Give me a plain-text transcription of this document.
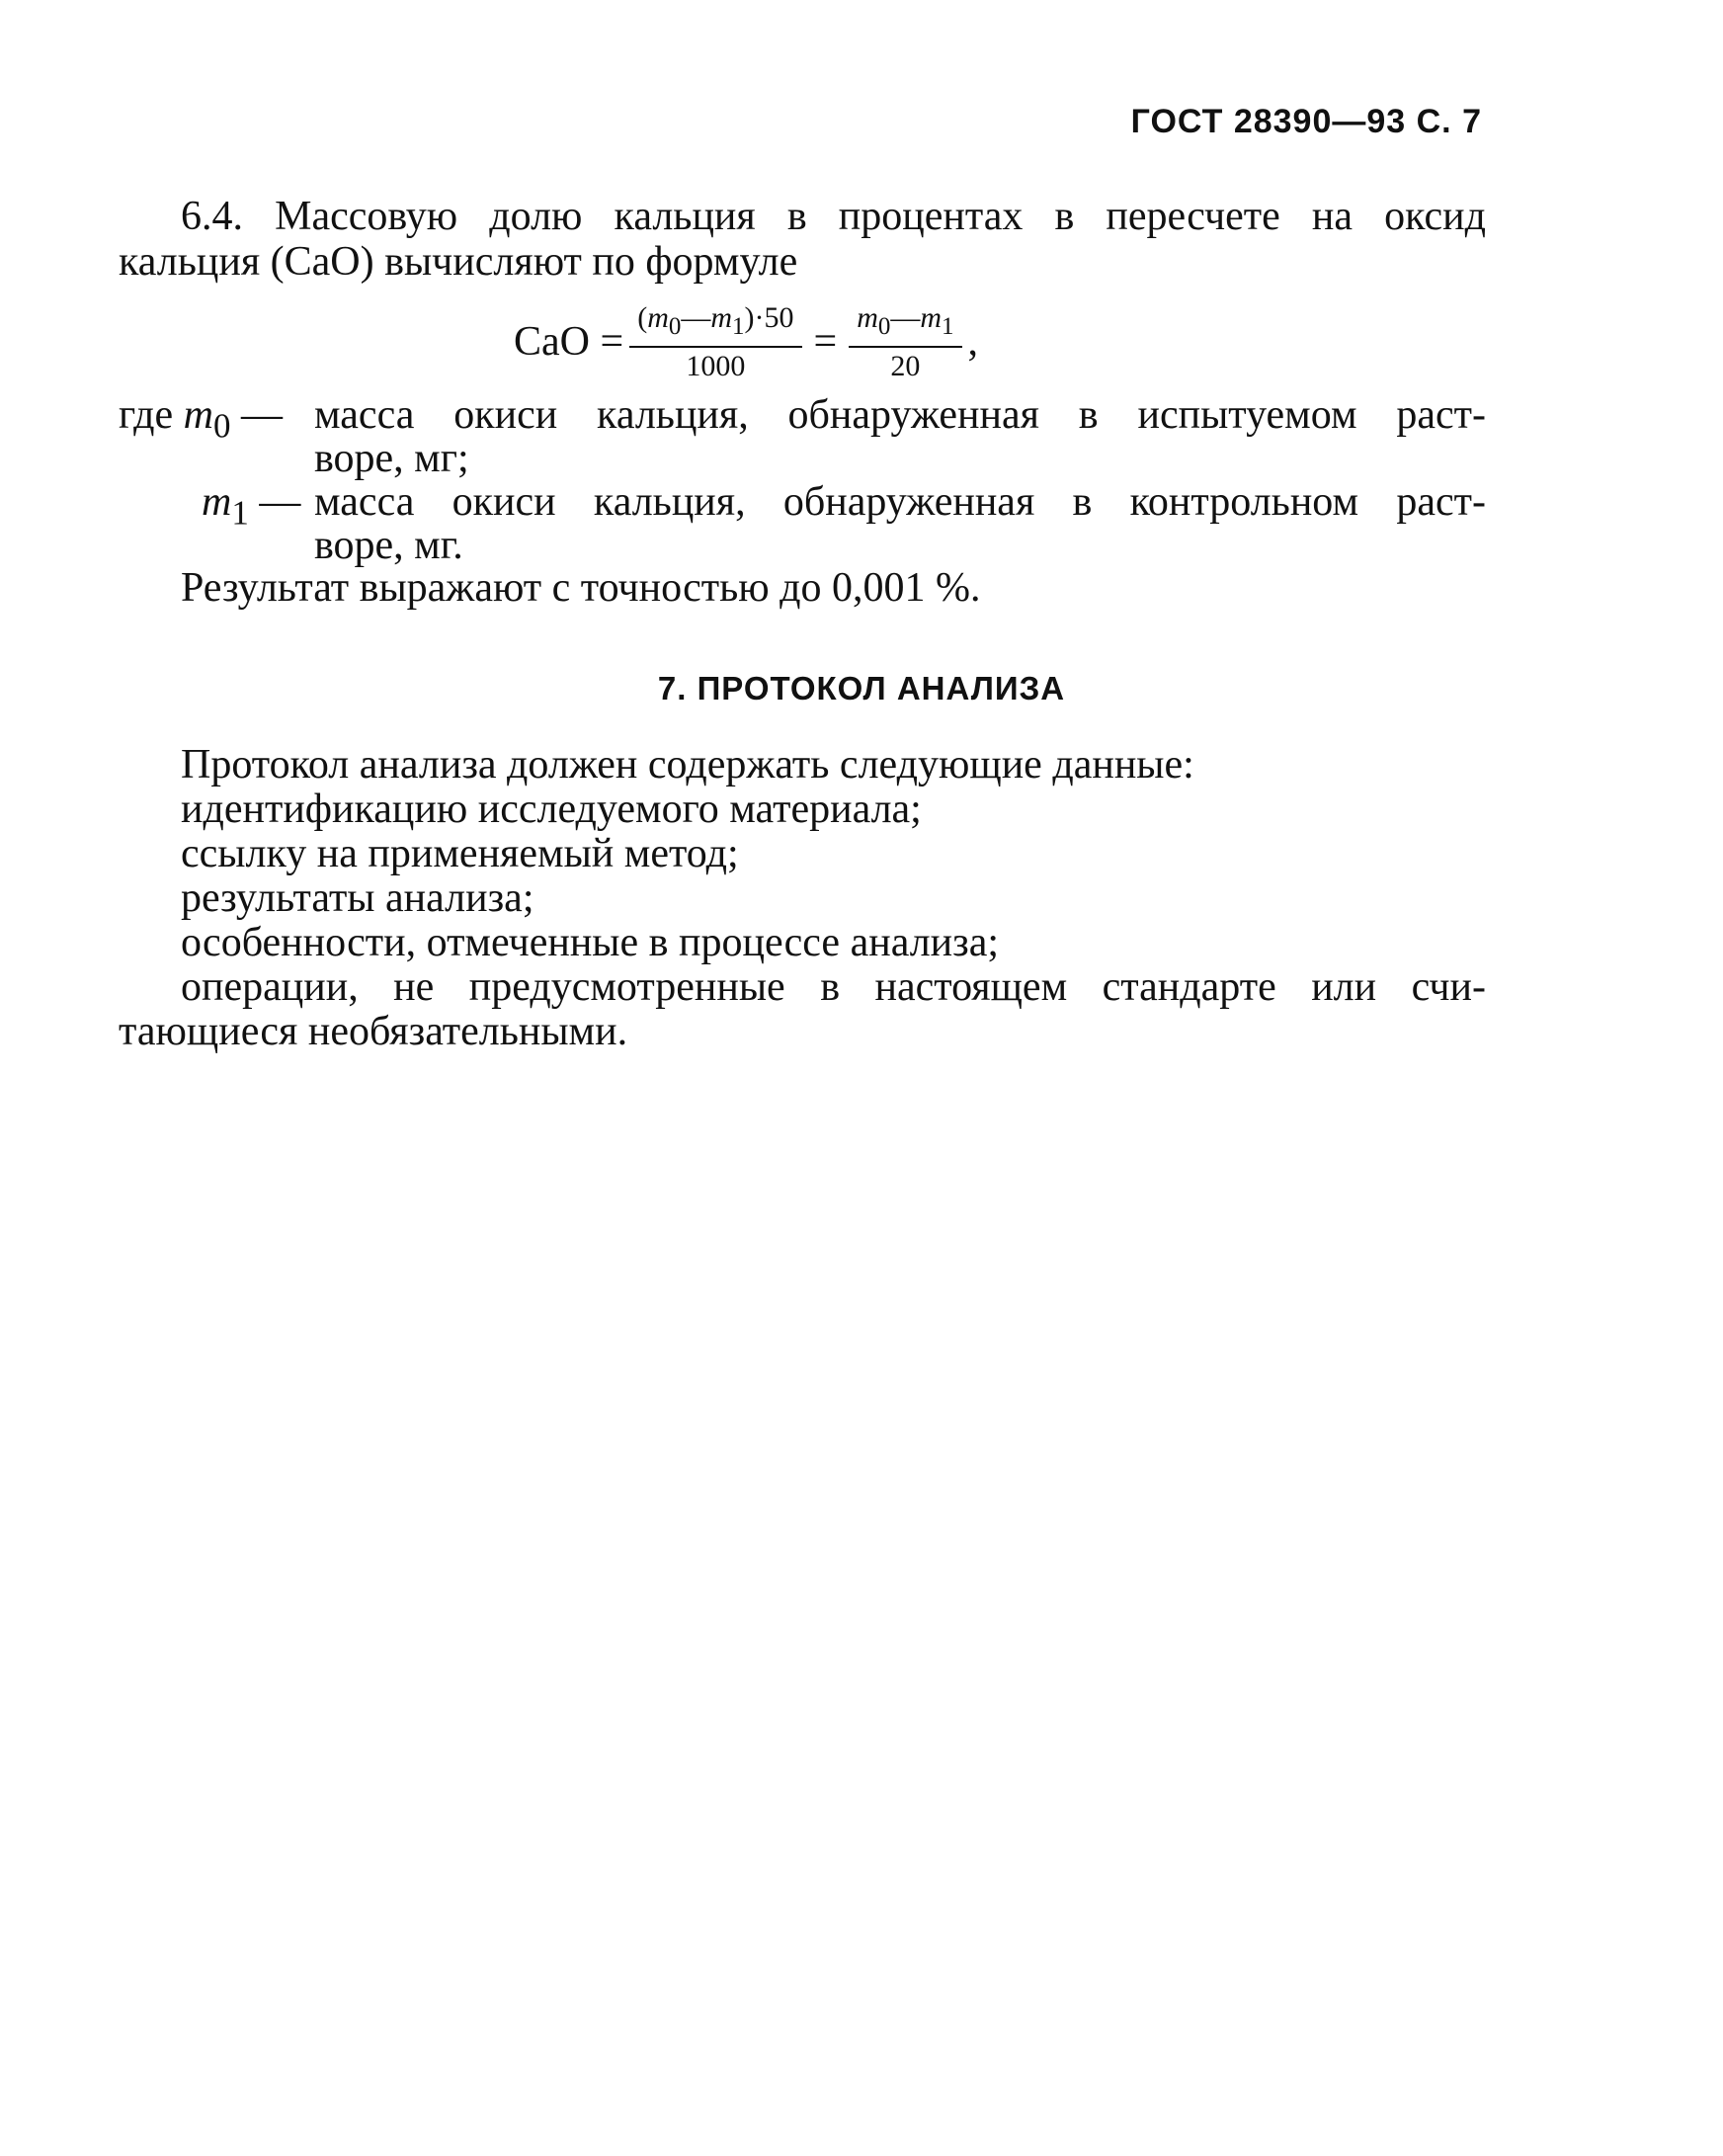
ГОСТ 28390—93 С. 7
6.4. Массовую долю кальция в процентах в пересчете на оксид
кальция (CaO) вычисляют по формуле
CaO = $\frac{(m_0—m_1)\cdot 50}{1000} = \frac{m_0—m_1}{20}$ ,
где $m_0$ — масса окиси кальция, обнаруженная в испытуемом раст-
воре, мг;
$m_1$ — масса окиси кальция, обнаруженная в контрольном раст-
воре, мг.
Результат выражают с точностью до 0,001 %.
7. ПРОТОКОЛ АНАЛИЗА
Протокол анализа должен содержать следующие данные:
идентификацию исследуемого материала;
ссылку на применяемый метод;
результаты анализа;
особенности, отмеченные в процессе анализа;
операции, не предусмотренные в настоящем стандарте или счи-
тающиеся необязательными.
